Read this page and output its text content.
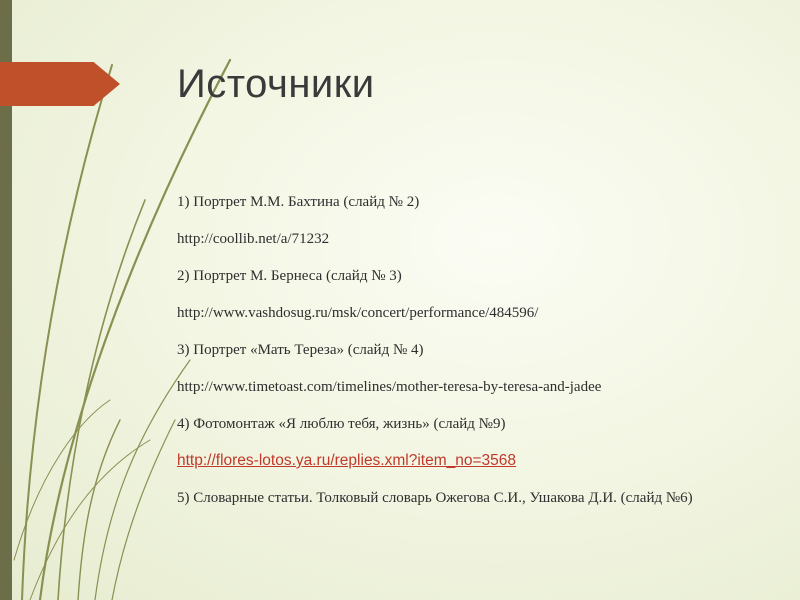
Источники
1) Портрет М.М. Бахтина (слайд № 2)
http://coollib.net/a/71232
2) Портрет М. Бернеса (слайд № 3)
http://www.vashdosug.ru/msk/concert/performance/484596/
3) Портрет «Мать Тереза» (слайд № 4)
http://www.timetoast.com/timelines/mother-teresa-by-teresa-and-jadee
4) Фотомонтаж «Я люблю тебя, жизнь» (слайд №9)
http://flores-lotos.ya.ru/replies.xml?item_no=3568
5) Словарные статьи. Толковый словарь Ожегова С.И., Ушакова Д.И. (слайд №6)
